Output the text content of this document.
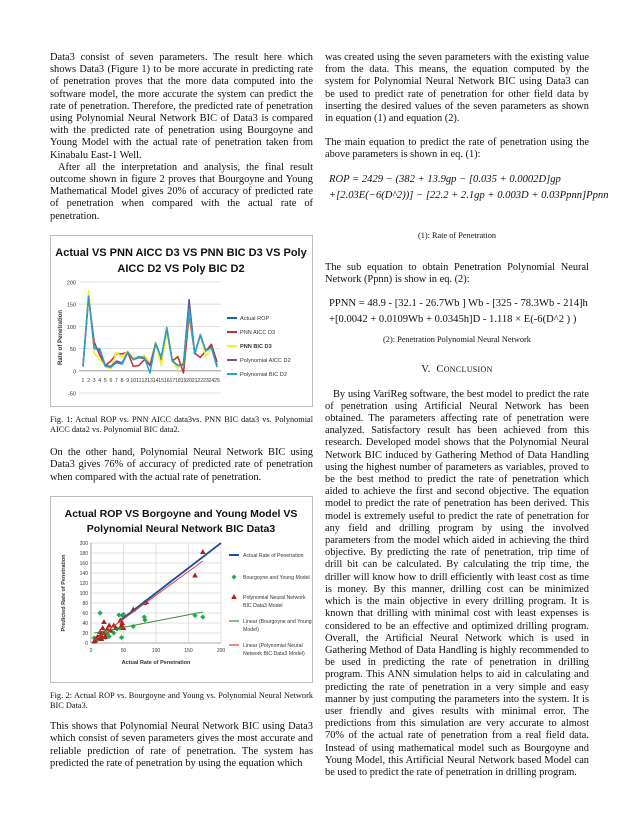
Data3 consist of seven parameters. The result here which shows Data3 (Figure 1) to be more accurate in predicting rate of penetration proves that the more data computed into the software model, the more accurate the system can predict the rate of penetration. Therefore, the predicted rate of penetration using Polynomial Neural Network BIC of Data3 is compared with the predicted rate of penetration using Bourgoyne and Young Model with the actual rate of penetration taken from Kinabalu East-1 Well.

After all the interpretation and analysis, the final result outcome shown in figure 2 proves that Bourgoyne and Young Mathematical Model gives 20% of accuracy of predicted rate of penetration when compared with the actual rate of penetration.

Actual VS PNN AICC D3 VS PNN BIC D3 VS Poly
AICC D2 VS Poly BIC D2
-50
0
50
100
150
200
1 2 3 4 5 6 7 8 9 10 11 12 13 14 15 16 17 18 19 20 21 22 23 24 25
Rate of Penetration	Actual ROP
PNN AICC D3
PNN BIC D3
Polynomial AICC D2
Polynomial BIC D2
Fig. 1: Actual ROP vs. PNN AICC data3vs. PNN BIC data3 vs. Polynomial AICC data2 vs. Polynomial BIC data2.

On the other hand, Polynomial Neural Network BIC using Data3 gives 76% of accuracy of predicted rate of penetration when compared with the actual rate of penetration.

Actual ROP VS Borgoyne and Young Model VS
Polynomial Neural Network BIC Data3
0
20
40
60
80
100
120
140
160
180
200
0	50	100	150	200
Actual Rate of Penetration
Predicted Rate of Penetration	Actual Rate of Penetration
Bourgoyne and Young Model
Polynomial Neural Network
BIC Data3 Model
Linear (Bourgoyne and Young
Model)
Linear (Polynomial Neural
Network BIC Data3 Model)
Fig. 2: Actual ROP vs. Bourgoyne and Young vs. Polynomial Neural Network BIC Data3.

This shows that Polynomial Neural Network BIC using Data3 which consist of seven parameters gives the most accurate and reliable prediction of rate of penetration. The system has predicted the rate of penetration by using the equation which

was created using the seven parameters with the existing value from the data. This means, the equation computed by the system for Polynomial Neural Network BIC using Data3 can be used to predict rate of penetration for other field data by inserting the desired values of the seven parameters as shown in equation (1) and equation (2).

The main equation to predict the rate of penetration using the above parameters is shown in eq. (1):

ROP = 2429 − (382 + 13.9gp − [0.035 + 0.0002D]gp
+[2.03E(−6(D^2))] − [22.2 + 2.1gp + 0.003D + 0.03Ppnn]Ppnn
(1): Rate of Penetration

The sub equation to obtain Penetration Polynomial Neural Network (Ppnn) is show in eq. (2):

PPNN = 48.9 - [32.1 - 26.7Wb ] Wb - [325 - 78.3Wb - 214]h
+[0.0042 + 0.0109Wb + 0.0345h]D - 1.118 × E(-6(D^2 ) )
(2): Penetration Polynomial Neural Network
V. CONCLUSION

By using VariReg software, the best model to predict the rate of penetration using Artificial Neural Network has been obtained. The parameters affecting rate of penetration were analyzed. Satisfactory result has been achieved from this research. Developed model shows that the Polynomial Neural Network BIC induced by Gathering Method of Data Handling using the highest number of parameters as variables, proved to be the best method to predict the rate of penetration which aided to achieve the first and second objective. The equation model to predict the rate of penetration has been derived. This model is extremely useful to predict the rate of penetration for any field and drilling program by using the involved parameters from the model which aided in achieving the third objective. By predicting the rate of penetration, trip time of drill bit can be calculated. By calculating the trip time, the driller will know how to drill efficiently with least cost as time is money. By this manner, drilling cost can be minimized which is the main objective in every drilling program. It is known that drilling with minimal cost with least expenses is considered to be an effective and optimized drilling program. Overall, the Artificial Neural Network which is used in Gathering Method of Data Handling is highly recommended to be used in predicting the rate of penetration in drilling program. This ANN simulation helps to aid in calculating and predicting the rate of penetration in a very simple and easy manner by just computing the parameters into the system. It is user friendly and gives results with minimal error. The predictions from this simulation are very accurate to almost 70% of the actual rate of penetration from a real field data. Instead of using mathematical model such as Bourgoyne and Young Model, this Artificial Neural Network based Model can be used to predict the rate of penetration in drilling program.
